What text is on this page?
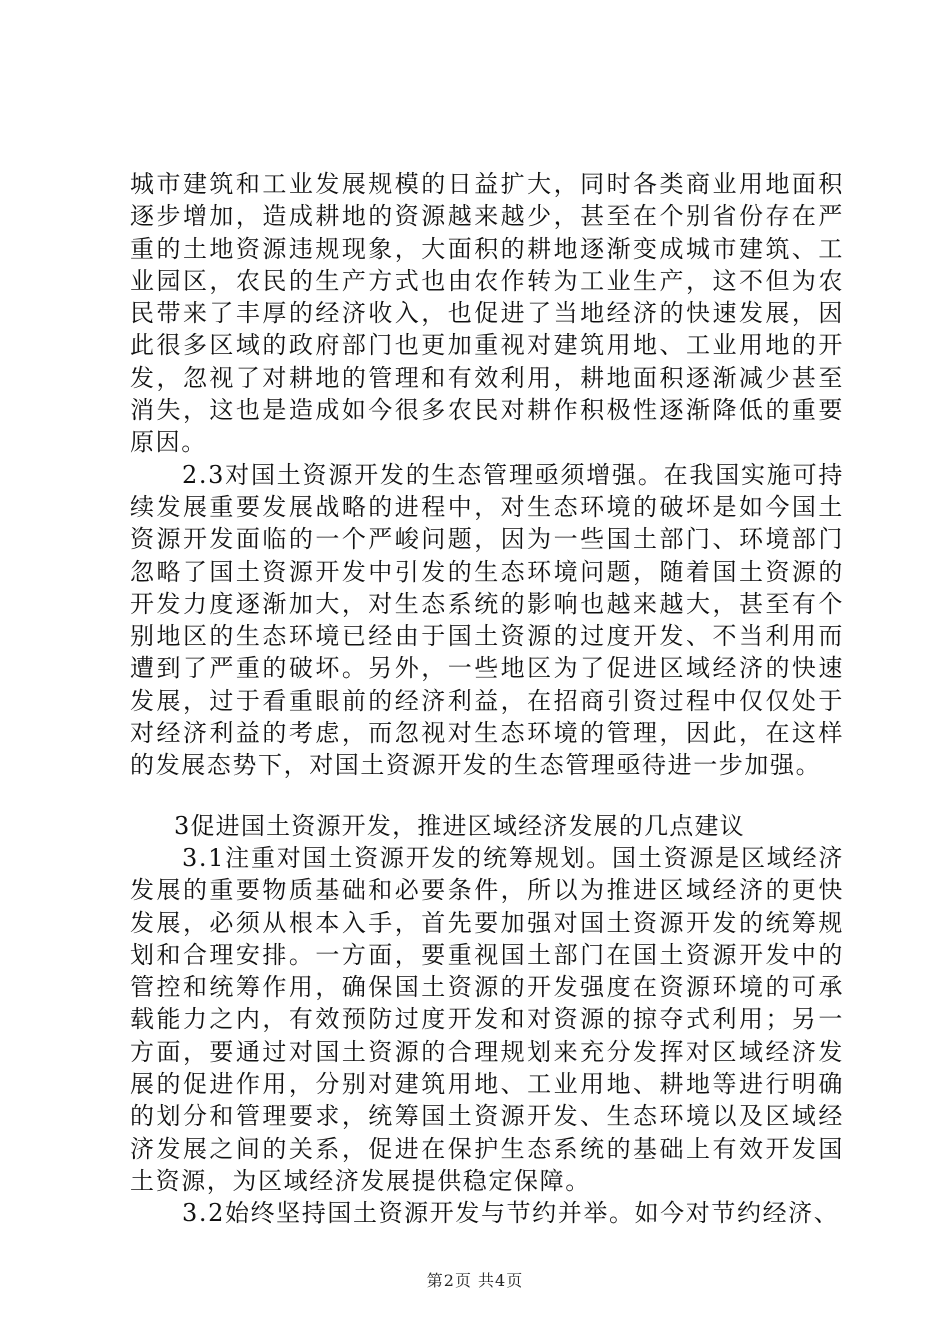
城市建筑和工业发展规模的日益扩大，同时各类商业用地面积逐步增加，造成耕地的资源越来越少，甚至在个别省份存在严重的土地资源违规现象，大面积的耕地逐渐变成城市建筑、工业园区，农民的生产方式也由农作转为工业生产，这不但为农民带来了丰厚的经济收入，也促进了当地经济的快速发展，因此很多区域的政府部门也更加重视对建筑用地、工业用地的开发，忽视了对耕地的管理和有效利用，耕地面积逐渐减少甚至消失，这也是造成如今很多农民对耕作积极性逐渐降低的重要原因。

2.3对国土资源开发的生态管理亟须增强。在我国实施可持续发展重要发展战略的进程中，对生态环境的破坏是如今国土资源开发面临的一个严峻问题，因为一些国土部门、环境部门忽略了国土资源开发中引发的生态环境问题，随着国土资源的开发力度逐渐加大，对生态系统的影响也越来越大，甚至有个别地区的生态环境已经由于国土资源的过度开发、不当利用而遭到了严重的破坏。另外，一些地区为了促进区域经济的快速发展，过于看重眼前的经济利益，在招商引资过程中仅仅处于对经济利益的考虑，而忽视对生态环境的管理，因此，在这样的发展态势下，对国土资源开发的生态管理亟待进一步加强。

3促进国土资源开发，推进区域经济发展的几点建议

3.1注重对国土资源开发的统筹规划。国土资源是区域经济发展的重要物质基础和必要条件，所以为推进区域经济的更快发展，必须从根本入手，首先要加强对国土资源开发的统筹规划和合理安排。一方面，要重视国土部门在国土资源开发中的管控和统筹作用，确保国土资源的开发强度在资源环境的可承载能力之内，有效预防过度开发和对资源的掠夺式利用；另一方面，要通过对国土资源的合理规划来充分发挥对区域经济发展的促进作用，分别对建筑用地、工业用地、耕地等进行明确的划分和管理要求，统筹国土资源开发、生态环境以及区域经济发展之间的关系，促进在保护生态系统的基础上有效开发国土资源，为区域经济发展提供稳定保障。

3.2始终坚持国土资源开发与节约并举。如今对节约经济、

第2页 共4页
